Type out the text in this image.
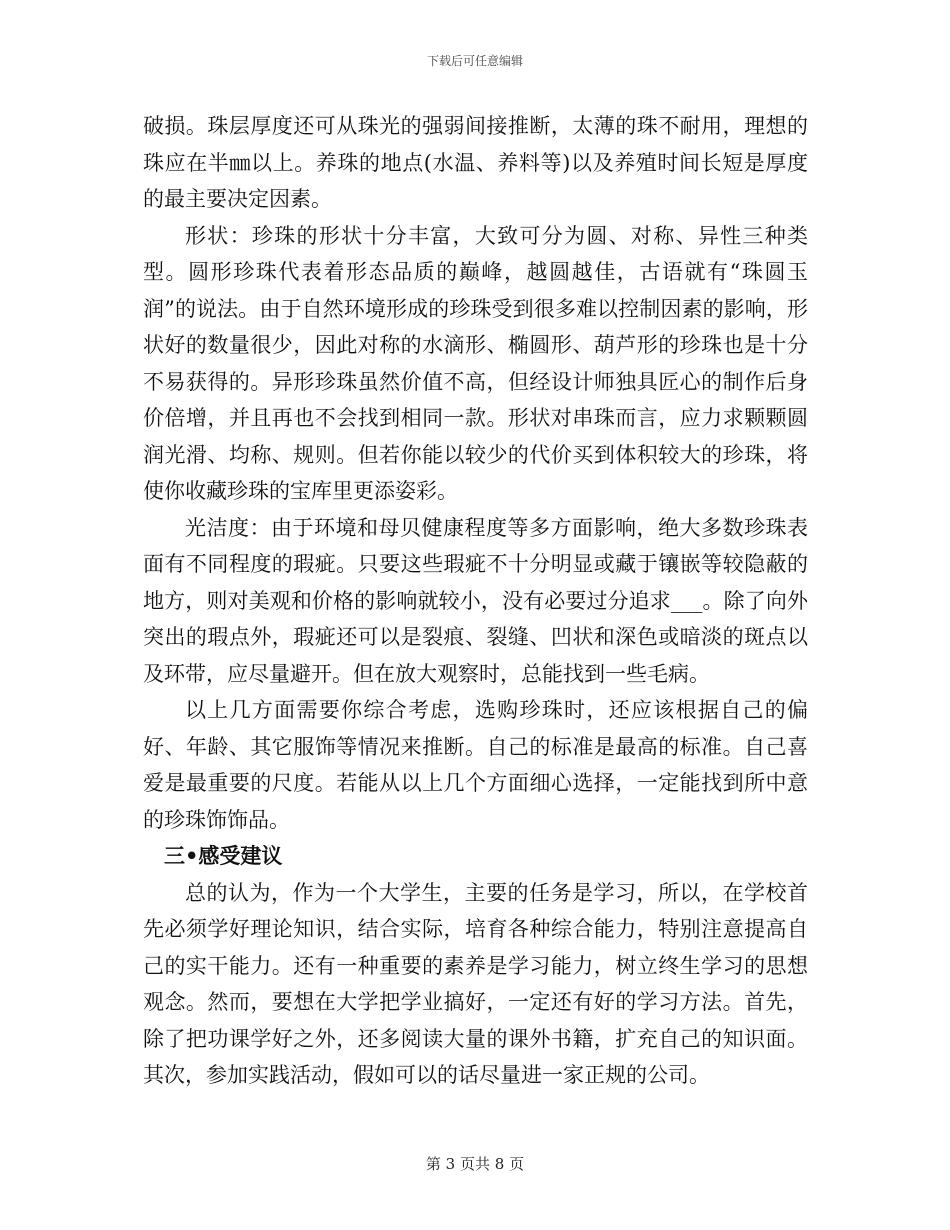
下载后可任意编辑

破损。珠层厚度还可从珠光的强弱间接推断，太薄的珠不耐用，理想的珠应在半㎜以上。养珠的地点(水温、养料等)以及养殖时间长短是厚度的最主要决定因素。

形状：珍珠的形状十分丰富，大致可分为圆、对称、异性三种类型。圆形珍珠代表着形态品质的巅峰，越圆越佳，古语就有“珠圆玉润”的说法。由于自然环境形成的珍珠受到很多难以控制因素的影响，形状好的数量很少，因此对称的水滴形、椭圆形、葫芦形的珍珠也是十分不易获得的。异形珍珠虽然价值不高，但经设计师独具匠心的制作后身价倍增，并且再也不会找到相同一款。形状对串珠而言，应力求颗颗圆润光滑、均称、规则。但若你能以较少的代价买到体积较大的珍珠，将使你收藏珍珠的宝库里更添姿彩。

光洁度：由于环境和母贝健康程度等多方面影响，绝大多数珍珠表面有不同程度的瑕疵。只要这些瑕疵不十分明显或藏于镶嵌等较隐蔽的地方，则对美观和价格的影响就较小，没有必要过分追求___。除了向外突出的瑕点外，瑕疵还可以是裂痕、裂缝、凹状和深色或暗淡的斑点以及环带，应尽量避开。但在放大观察时，总能找到一些毛病。

以上几方面需要你综合考虑，选购珍珠时，还应该根据自己的偏好、年龄、其它服饰等情况来推断。自己的标准是最高的标准。自己喜爱是最重要的尺度。若能从以上几个方面细心选择，一定能找到所中意的珍珠饰饰品。

三•感受建议

总的认为，作为一个大学生，主要的任务是学习，所以，在学校首先必须学好理论知识，结合实际，培育各种综合能力，特别注意提高自己的实干能力。还有一种重要的素养是学习能力，树立终生学习的思想观念。然而，要想在大学把学业搞好，一定还有好的学习方法。首先，除了把功课学好之外，还多阅读大量的课外书籍，扩充自己的知识面。其次，参加实践活动，假如可以的话尽量进一家正规的公司。

第 3 页共 8 页
